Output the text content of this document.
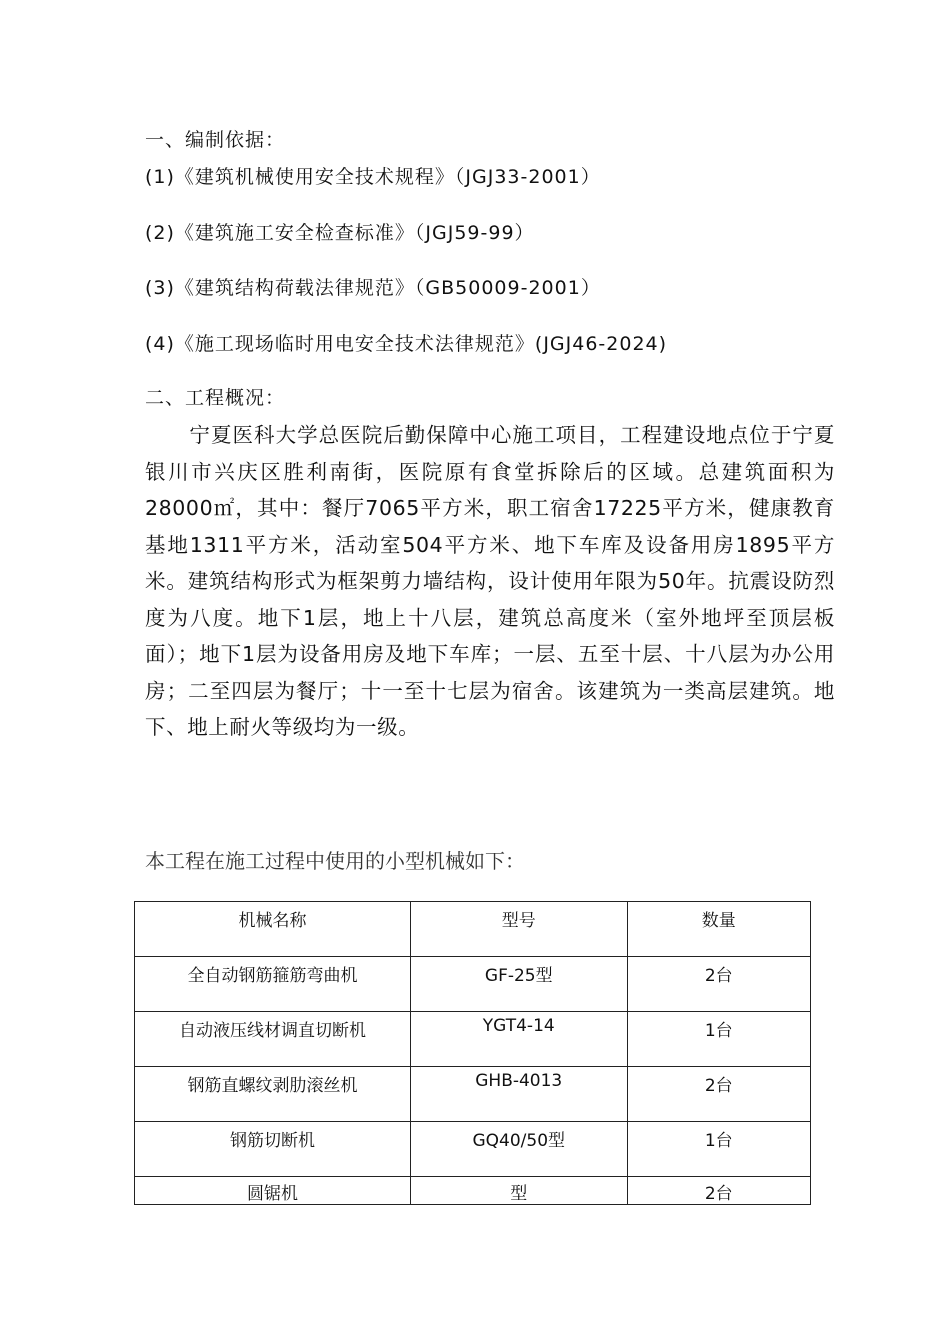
一、编制依据：
(1)《建筑机械使用安全技术规程》（JGJ33-2001）
(2)《建筑施工安全检查标准》（JGJ59-99）
(3)《建筑结构荷载法律规范》（GB50009-2001）
(4)《施工现场临时用电安全技术法律规范》(JGJ46-2024)
二、工程概况：

宁夏医科大学总医院后勤保障中心施工项目，工程建设地点位于宁夏银川市兴庆区胜利南街，医院原有食堂拆除后的区域。总建筑面积为28000㎡，其中：餐厅7065平方米，职工宿舍17225平方米，健康教育基地1311平方米，活动室504平方米、地下车库及设备用房1895平方米。建筑结构形式为框架剪力墙结构，设计使用年限为50年。抗震设防烈度为八度。地下1层，地上十八层，建筑总高度米（室外地坪至顶层板面）；地下1层为设备用房及地下车库；一层、五至十层、十八层为办公用房；二至四层为餐厅；十一至十七层为宿舍。该建筑为一类高层建筑。地下、地上耐火等级均为一级。

本工程在施工过程中使用的小型机械如下：
机械名称	型号	数量
全自动钢筋箍筋弯曲机	GF-25型	2台
自动液压线材调直切断机	YGT4-14	1台
钢筋直螺纹剥肋滚丝机	GHB-4013	2台
钢筋切断机	GQ40/50型	1台
圆锯机	型	2台
